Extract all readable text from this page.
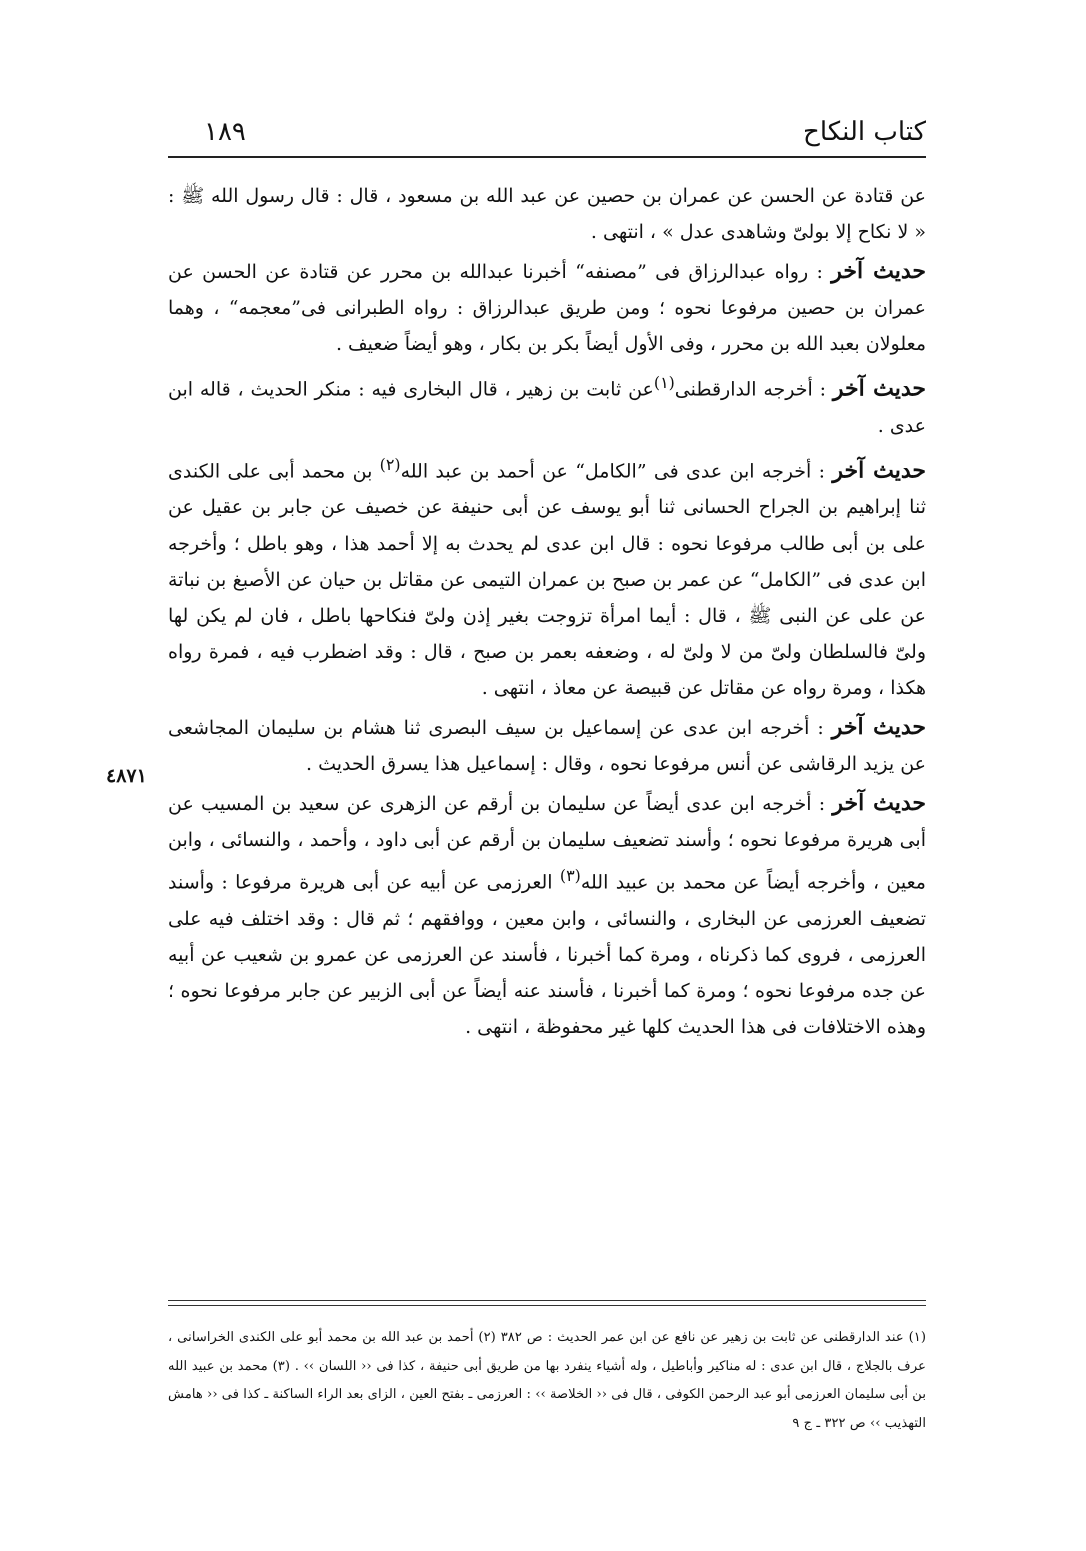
كتاب النكاح
١٨٩
٤٨٧١

عن قتادة عن الحسن عن عمران بن حصين عن عبد الله بن مسعود ، قال : قال رسول الله ﷺ : « لا نكاح إلا بولىّ وشاهدى عدل » ، انتهى .

حديث آخر : رواه عبدالرزاق فى ”مصنفه“ أخبرنا عبدالله بن محرر عن قتادة عن الحسن عن عمران بن حصين مرفوعا نحوه ؛ ومن طريق عبدالرزاق : رواه الطبرانى فى”معجمه“ ، وهما معلولان بعبد الله بن محرر ، وفى الأول أيضاً بكر بن بكار ، وهو أيضاً ضعيف .

حديث آخر : أخرجه الدارقطنى$^{(١)}$عن ثابت بن زهير ، قال البخارى فيه : منكر الحديث ، قاله ابن عدى .

حديث آخر : أخرجه ابن عدى فى ”الكامل“ عن أحمد بن عبد الله$^{(٢)}$ بن محمد أبى على الكندى ثنا إبراهيم بن الجراح الحسانى ثنا أبو يوسف عن أبى حنيفة عن خصيف عن جابر بن عقيل عن على بن أبى طالب مرفوعا نحوه : قال ابن عدى لم يحدث به إلا أحمد هذا ، وهو باطل ؛ وأخرجه ابن عدى فى ”الكامل“ عن عمر بن صبح بن عمران التيمى عن مقاتل بن حيان عن الأصبغ بن نباتة عن على عن النبى ﷺ ، قال : أيما امرأة تزوجت بغير إذن ولىّ فنكاحها باطل ، فان لم يكن لها ولىّ فالسلطان ولىّ من لا ولىّ له ، وضعفه بعمر بن صبح ، قال : وقد اضطرب فيه ، فمرة رواه هكذا ، ومرة رواه عن مقاتل عن قبيصة عن معاذ ، انتهى .

حديث آخر : أخرجه ابن عدى عن إسماعيل بن سيف البصرى ثنا هشام بن سليمان المجاشعى عن يزيد الرقاشى عن أنس مرفوعا نحوه ، وقال : إسماعيل هذا يسرق الحديث .

حديث آخر : أخرجه ابن عدى أيضاً عن سليمان بن أرقم عن الزهرى عن سعيد بن المسيب عن أبى هريرة مرفوعا نحوه ؛ وأسند تضعيف سليمان بن أرقم عن أبى داود ، وأحمد ، والنسائى ، وابن معين ، وأخرجه أيضاً عن محمد بن عبيد الله$^{(٣)}$ العرزمى عن أبيه عن أبى هريرة مرفوعا : وأسند تضعيف العرزمى عن البخارى ، والنسائى ، وابن معين ، ووافقهم ؛ ثم قال : وقد اختلف فيه على العرزمى ، فروى كما ذكرناه ، ومرة كما أخبرنا ، فأسند عن العرزمى عن عمرو بن شعيب عن أبيه عن جده مرفوعا نحوه ؛ ومرة كما أخبرنا ، فأسند عنه أيضاً عن أبى الزبير عن جابر مرفوعا نحوه ؛ وهذه الاختلافات فى هذا الحديث كلها غير محفوظة ، انتهى .

(١) عند الدارقطنى عن ثابت بن زهير عن نافع عن ابن عمر الحديث : ص ٣٨٢ (٢) أحمد بن عبد الله بن محمد أبو على الكندى الخراسانى ، عرف بالجلاج ، قال ابن عدى : له مناكير وأباطيل ، وله أشياء ينفرد بها من طريق أبى حنيفة ، كذا فى ‹‹ اللسان ›› . (٣) محمد بن عبيد الله بن أبى سليمان العرزمى أبو عبد الرحمن الكوفى ، قال فى ‹‹ الخلاصة ›› : العرزمى ـ بفتح العين ، الزاى بعد الراء الساكنة ـ كذا فى ‹‹ هامش التهذيب ›› ص ٣٢٢ ـ ج ٩
